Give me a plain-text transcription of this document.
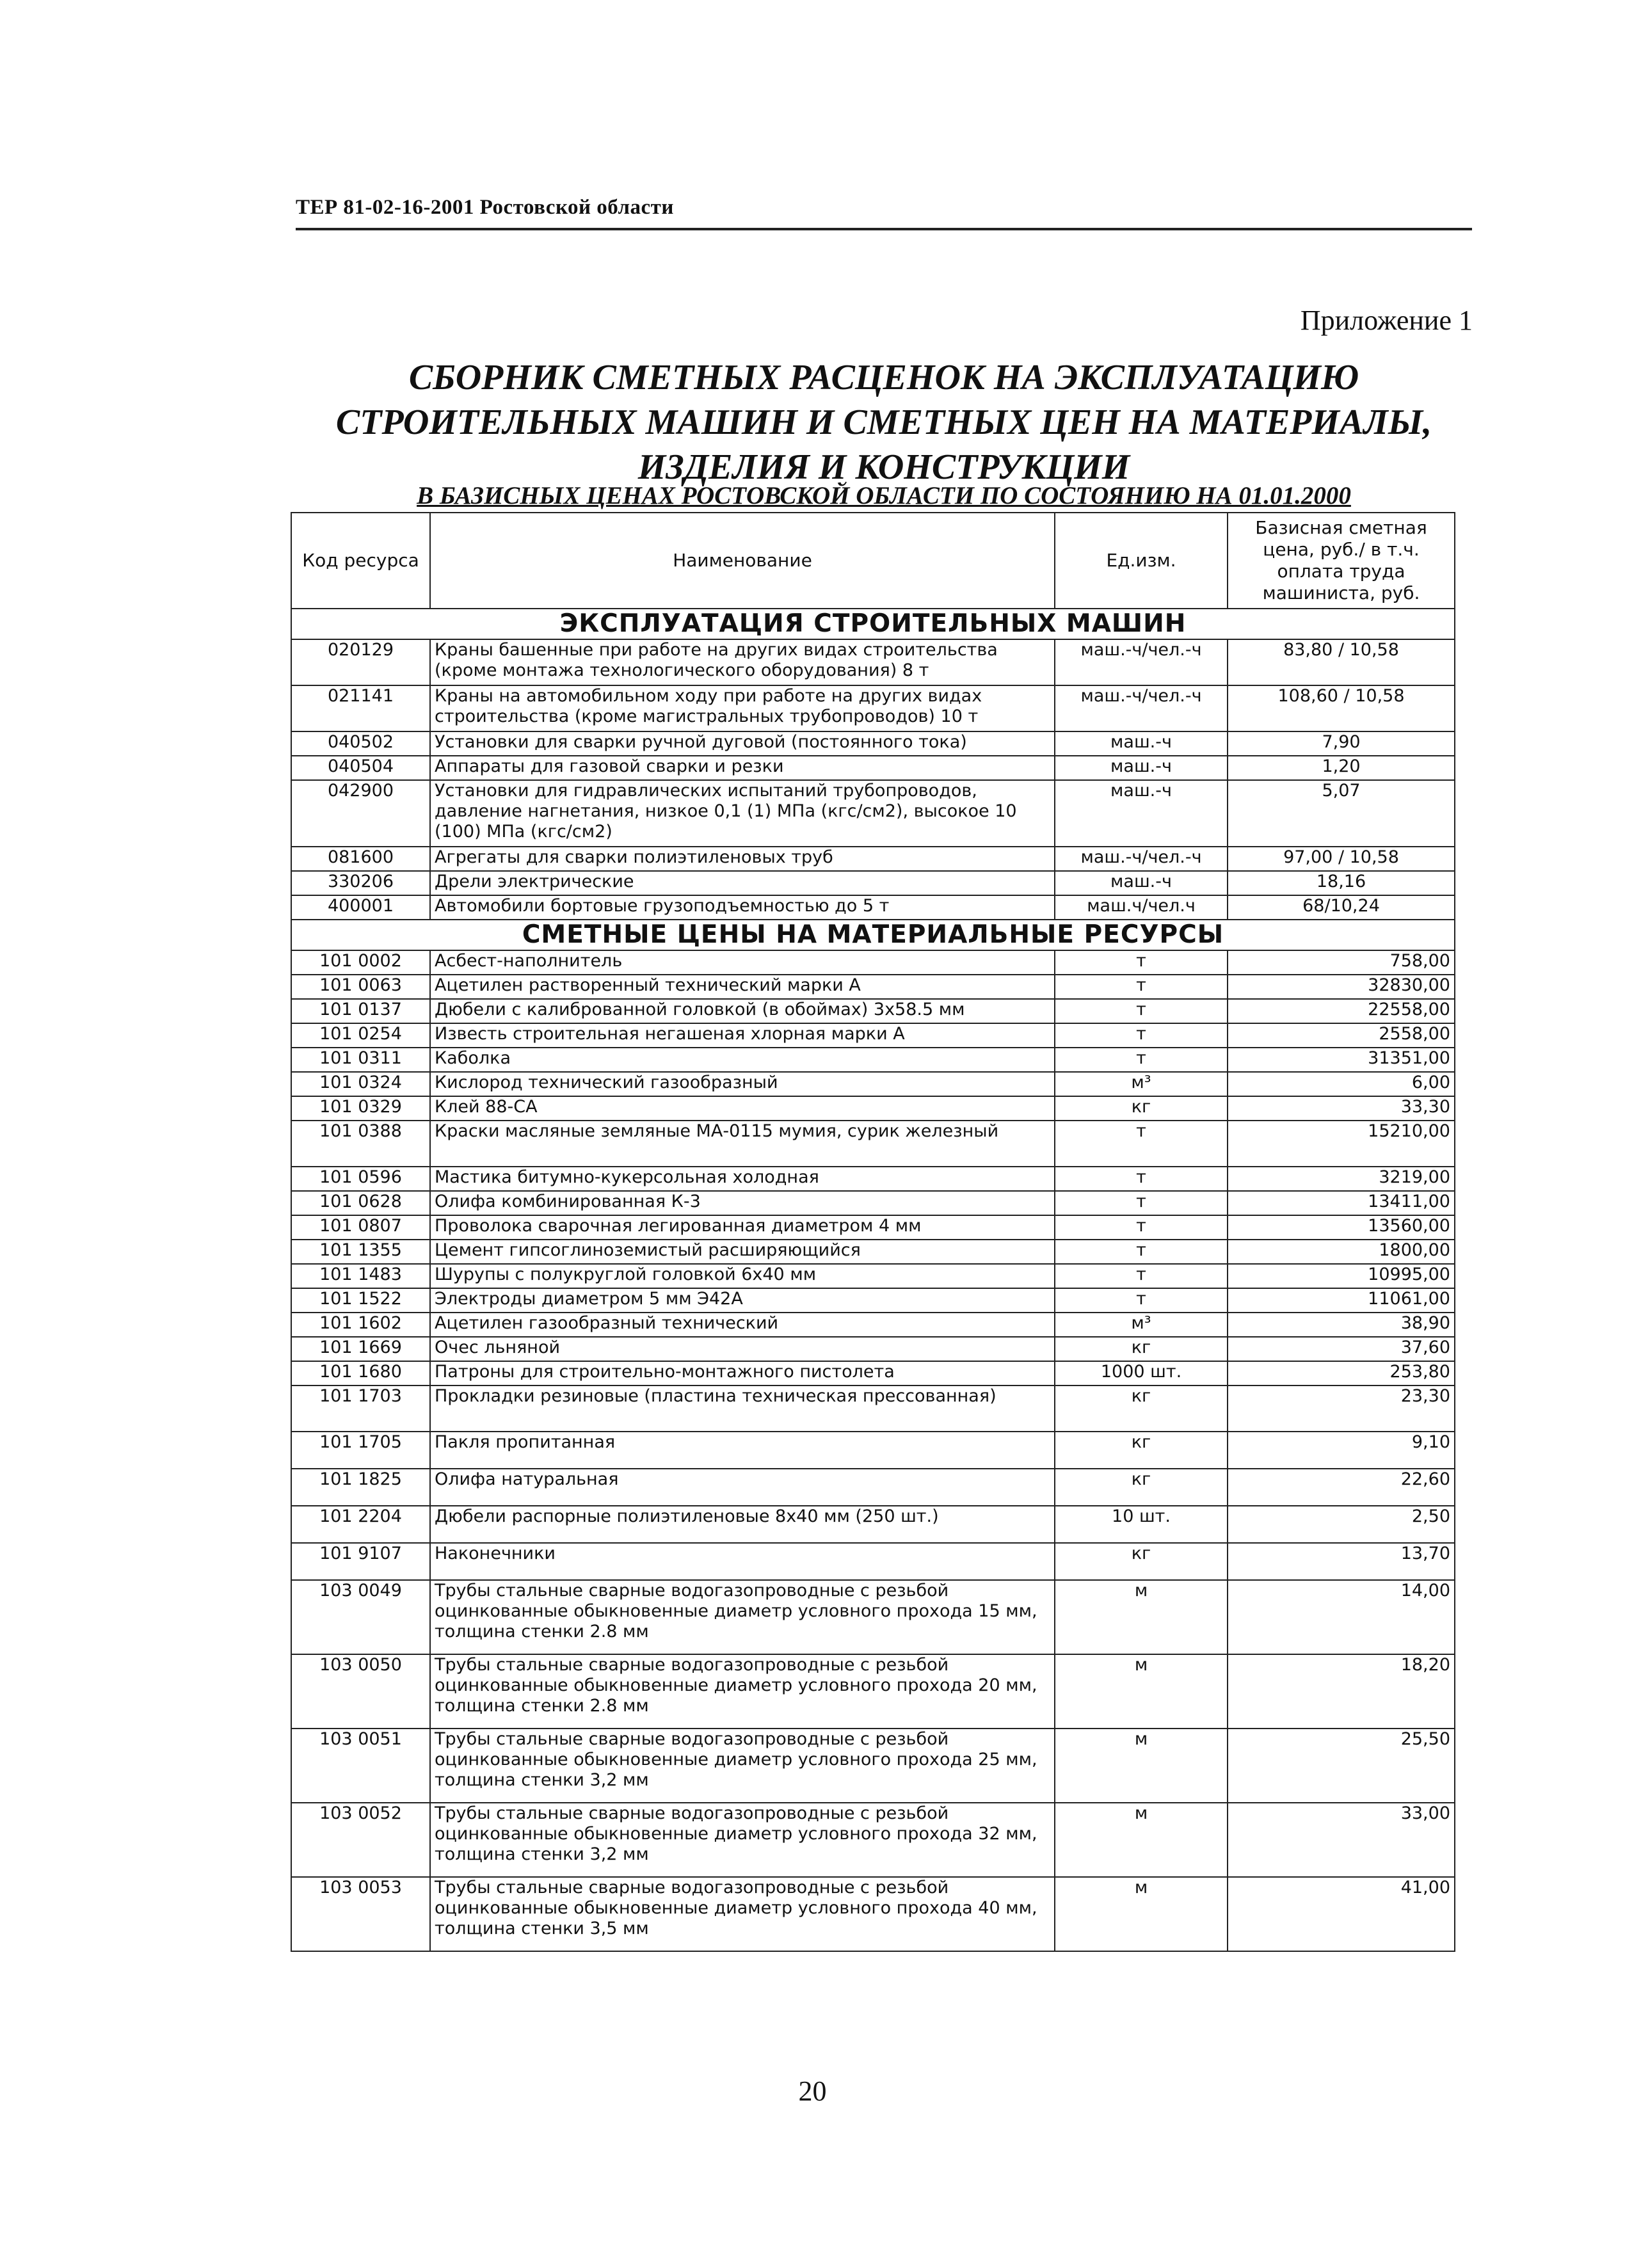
ТЕР 81-02-16-2001 Ростовской области
Приложение 1
СБОРНИК СМЕТНЫХ РАСЦЕНОК НА ЭКСПЛУАТАЦИЮ
СТРОИТЕЛЬНЫХ МАШИН И СМЕТНЫХ ЦЕН НА МАТЕРИАЛЫ,
ИЗДЕЛИЯ И КОНСТРУКЦИИ
В БАЗИСНЫХ ЦЕНАХ РОСТОВСКОЙ ОБЛАСТИ ПО СОСТОЯНИЮ НА 01.01.2000
Код ресурса	Наименование	Ед.изм.	Базисная сметная цена, руб./ в т.ч. оплата труда машиниста, руб.
ЭКСПЛУАТАЦИЯ СТРОИТЕЛЬНЫХ МАШИН			
020129	Краны башенные при работе на других видах строительства (кроме монтажа технологического оборудования) 8 т	маш.-ч/чел.-ч	83,80 / 10,58
021141	Краны на автомобильном ходу при работе на других видах строительства (кроме магистральных трубопроводов) 10 т	маш.-ч/чел.-ч	108,60 / 10,58
040502	Установки для сварки ручной дуговой (постоянного тока)	маш.-ч	7,90
040504	Аппараты для газовой сварки и резки	маш.-ч	1,20
042900	Установки для гидравлических испытаний трубопроводов, давление нагнетания, низкое 0,1 (1) МПа (кгс/см2), высокое 10 (100) МПа (кгс/см2)	маш.-ч	5,07
081600	Агрегаты для сварки полиэтиленовых труб	маш.-ч/чел.-ч	97,00 / 10,58
330206	Дрели электрические	маш.-ч	18,16
400001	Автомобили бортовые грузоподъемностью до 5 т	маш.ч/чел.ч	68/10,24
СМЕТНЫЕ ЦЕНЫ НА МАТЕРИАЛЬНЫЕ РЕСУРСЫ			
101 0002	Асбест-наполнитель	т	758,00
101 0063	Ацетилен растворенный технический марки А	т	32830,00
101 0137	Дюбели с калиброванной головкой (в обоймах) 3х58.5 мм	т	22558,00
101 0254	Известь строительная негашеная хлорная марки А	т	2558,00
101 0311	Каболка	т	31351,00
101 0324	Кислород технический газообразный	м³	6,00
101 0329	Клей 88-СА	кг	33,30
101 0388	Краски масляные земляные МА-0115 мумия, сурик железный	т	15210,00
101 0596	Мастика битумно-кукерсольная холодная	т	3219,00
101 0628	Олифа комбинированная К-3	т	13411,00
101 0807	Проволока сварочная легированная диаметром 4 мм	т	13560,00
101 1355	Цемент гипсоглиноземистый расширяющийся	т	1800,00
101 1483	Шурупы с полукруглой головкой 6х40 мм	т	10995,00
101 1522	Электроды диаметром 5 мм Э42А	т	11061,00
101 1602	Ацетилен газообразный технический	м³	38,90
101 1669	Очес льняной	кг	37,60
101 1680	Патроны для строительно-монтажного пистолета	1000 шт.	253,80
101 1703	Прокладки резиновые (пластина техническая прессованная)	кг	23,30
101 1705	Пакля пропитанная	кг	9,10
101 1825	Олифа натуральная	кг	22,60
101 2204	Дюбели распорные полиэтиленовые 8х40 мм (250 шт.)	10 шт.	2,50
101 9107	Наконечники	кг	13,70
103 0049	Трубы стальные сварные водогазопроводные с резьбой оцинкованные обыкновенные диаметр условного прохода 15 мм, толщина стенки 2.8 мм	м	14,00
103 0050	Трубы стальные сварные водогазопроводные с резьбой оцинкованные обыкновенные диаметр условного прохода 20 мм, толщина стенки 2.8 мм	м	18,20
103 0051	Трубы стальные сварные водогазопроводные с резьбой оцинкованные обыкновенные диаметр условного прохода 25 мм, толщина стенки 3,2 мм	м	25,50
103 0052	Трубы стальные сварные водогазопроводные с резьбой оцинкованные обыкновенные диаметр условного прохода 32 мм, толщина стенки 3,2 мм	м	33,00
103 0053	Трубы стальные сварные водогазопроводные с резьбой оцинкованные обыкновенные диаметр условного прохода 40 мм, толщина стенки 3,5 мм	м	41,00
20
